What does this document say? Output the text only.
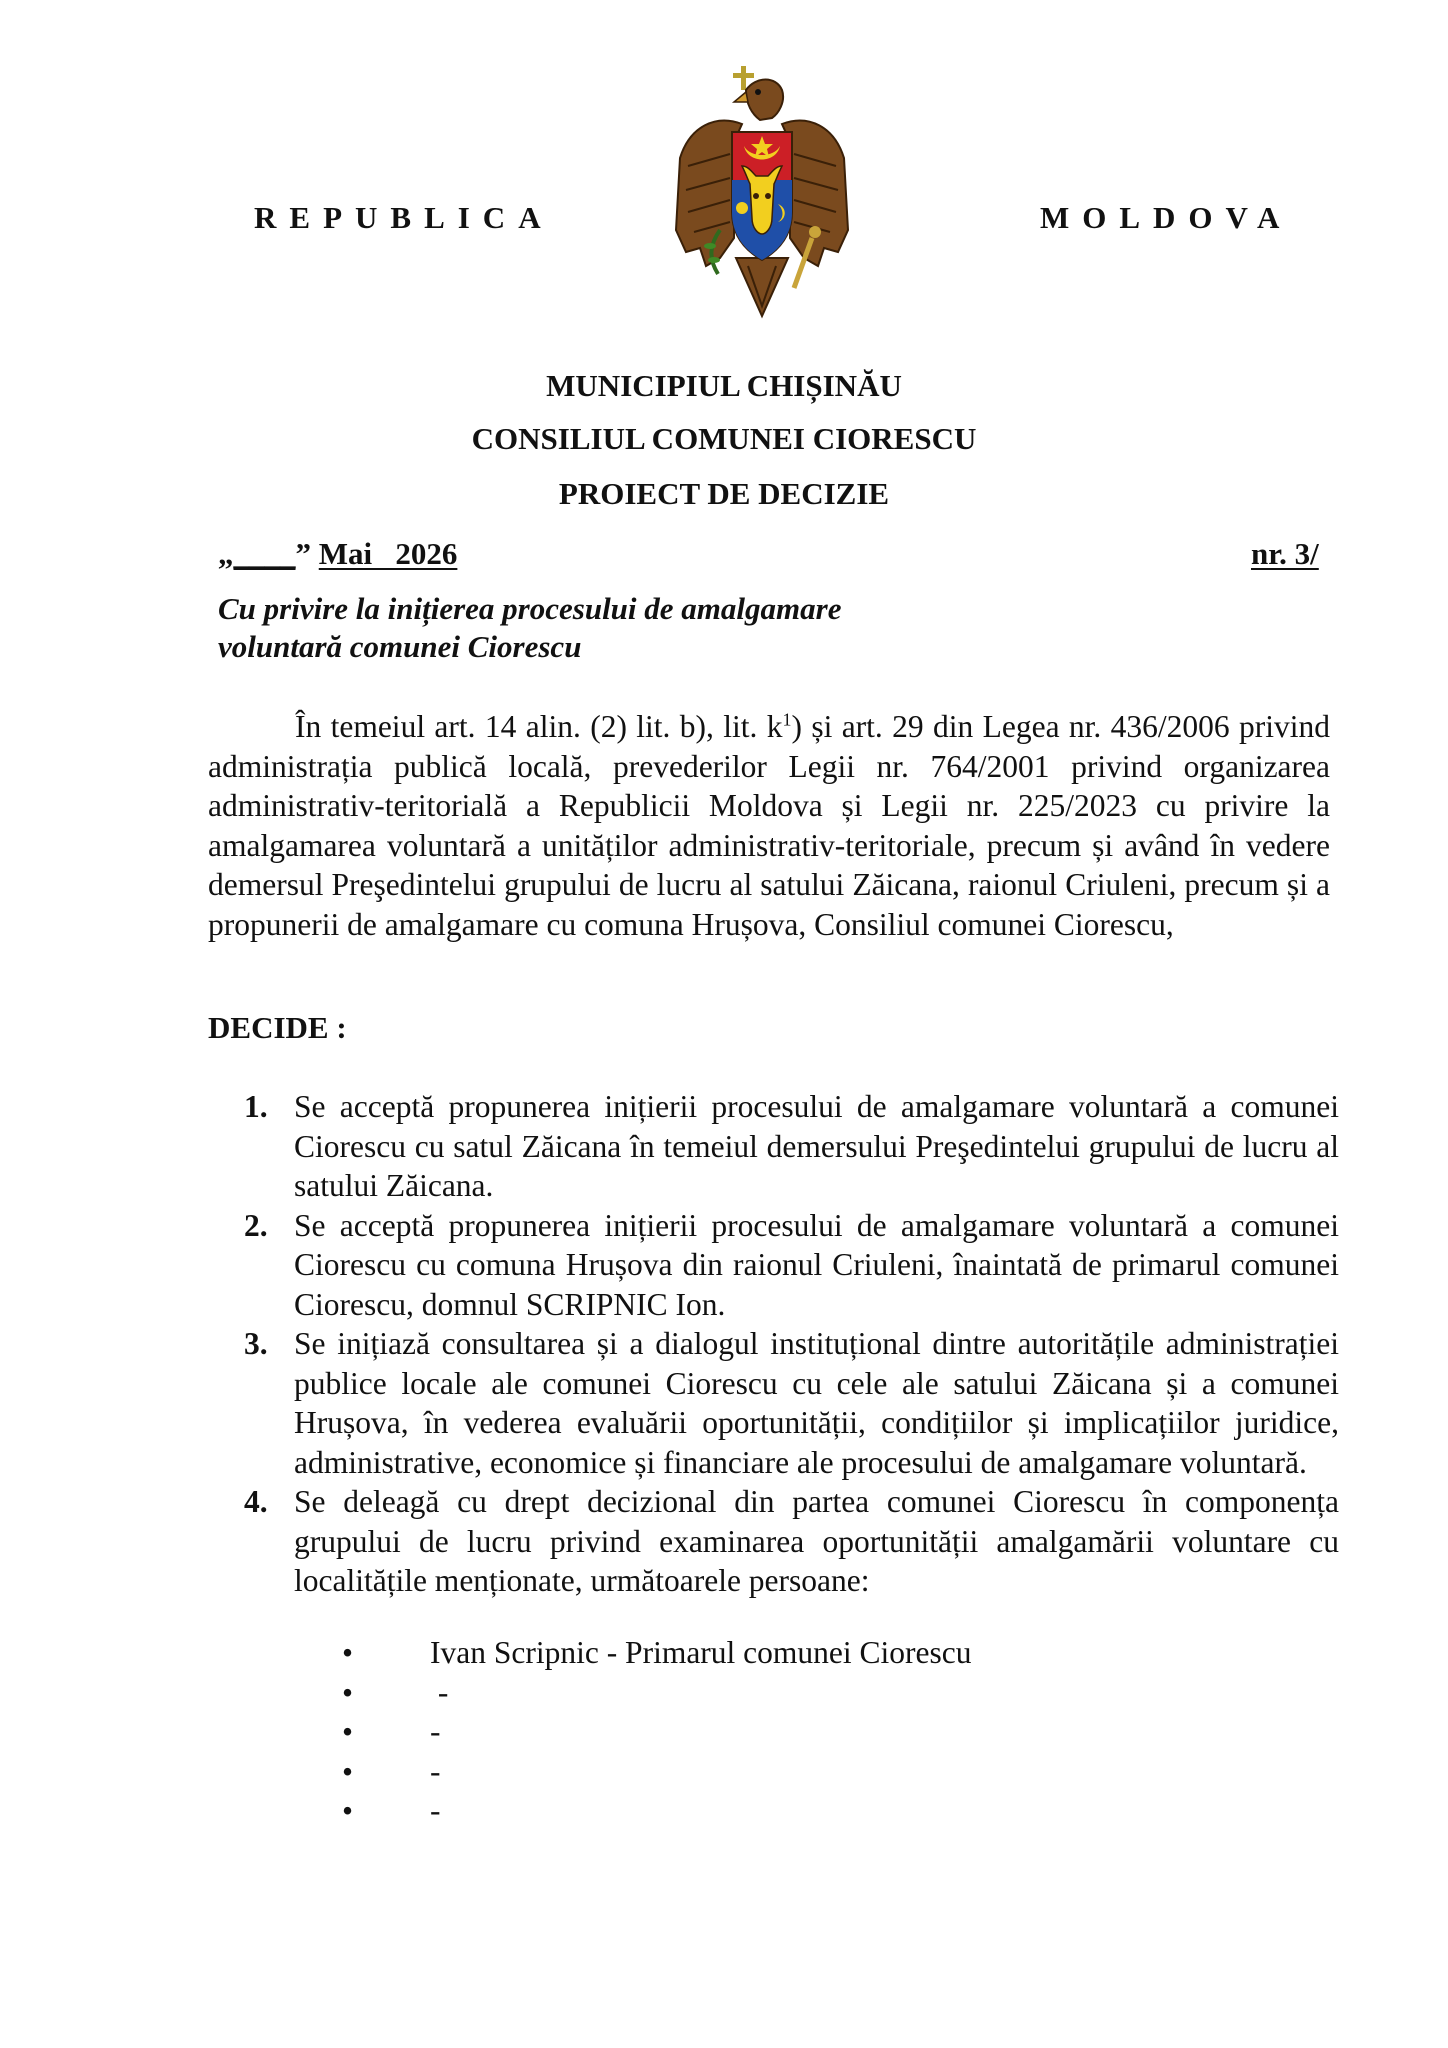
REPUBLICA	MOLDOVA
MUNICIPIUL CHIȘINĂU
CONSILIUL COMUNEI CIORESCU
PROIECT DE DECIZIE
„____” Mai   2026	nr. 3/
Cu privire la inițierea procesului de amalgamare
voluntară comunei Ciorescu
În temeiul art. 14 alin. (2) lit. b), lit. $k^1$) și art. 29 din Legea nr. 436/2006 privind administrația publică locală, prevederilor Legii nr. 764/2001 privind organizarea administrativ-teritorială a Republicii Moldova și Legii nr. 225/2023 cu privire la amalgamarea voluntară a unităților administrativ-teritoriale, precum și având în vedere demersul Preşedintelui grupului de lucru al satului Zăicana, raionul Criuleni, precum și a propunerii de amalgamare cu comuna Hrușova, Consiliul comunei Ciorescu,
DECIDE :
1. Se acceptă propunerea inițierii procesului de amalgamare voluntară a comunei Ciorescu cu satul Zăicana în temeiul demersului Preşedintelui grupului de lucru al satului Zăicana.
2. Se acceptă propunerea inițierii procesului de amalgamare voluntară a comunei Ciorescu cu comuna Hrușova din raionul Criuleni, înaintată de primarul comunei Ciorescu, domnul SCRIPNIC Ion.
3. Se inițiază consultarea și a dialogul instituțional dintre autoritățile administrației publice locale ale comunei Ciorescu cu cele ale satului Zăicana și a comunei Hrușova, în vederea evaluării oportunității, condițiilor și implicațiilor juridice, administrative, economice și financiare ale procesului de amalgamare voluntară.
4. Se deleagă cu drept decizional din partea comunei Ciorescu în componența grupului de lucru privind examinarea oportunității amalgamării voluntare cu localitățile menționate, următoarele persoane:
• Ivan Scripnic - Primarul comunei Ciorescu
• -
• -
• -
• -
